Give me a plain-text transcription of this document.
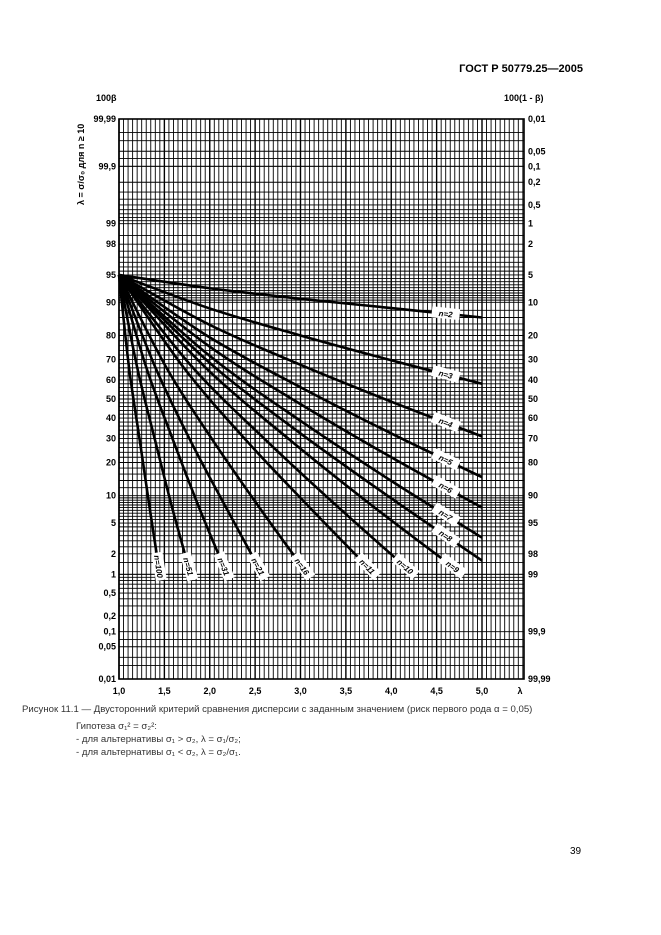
ГОСТ Р 50779.25—2005
n=2
n=3
n=4
n=5
n=6
n=7
n=8
n=9
n=10
n=11
n=16
n=21
n=31
n=51
n=100
1,0	1,5	2,0	2,5	3,0	3,5	4,0	4,5	5,0	λ
99,99
99,9
99
98
95
90
80
70
60
50
40
30
20
10
5
2
1
0,5
0,2
0,1
0,05
0,01
0,01
0,05
0,1
0,2
0,5
1
2
5
10
20
30
40
50
60
70
80
90
95
98
99
99,9
99,99
100β	100(1 - β)
λ = σ/σ₀ для n ≥ 10
Рисунок 11.1 — Двусторонний критерий сравнения дисперсии с заданным значением (риск первого рода α = 0,05)
Гипотеза σ₁² = σ₂²:
- для альтернативы σ₁ > σ₂, λ = σ₁/σ₂;
- для альтернативы σ₁ < σ₂, λ = σ₂/σ₁.
39
